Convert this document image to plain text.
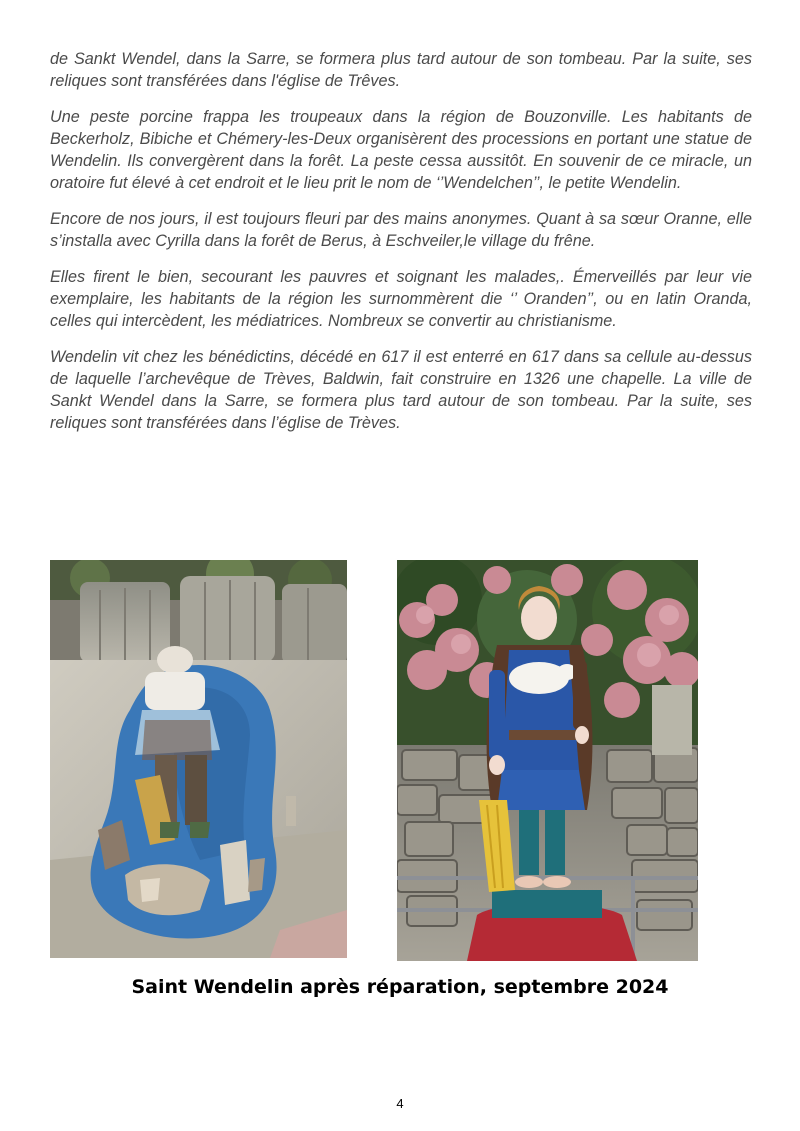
de Sankt Wendel, dans la Sarre, se formera plus tard autour de son tombeau. Par la suite, ses reliques sont transférées dans l'église de Trêves.

Une peste porcine frappa les troupeaux dans la région de Bouzonville. Les habitants de Beckerholz, Bibiche et Chémery-les-Deux organisèrent des processions en portant une statue de Wendelin. Ils convergèrent dans la forêt. La peste cessa aussitôt. En souvenir de ce miracle, un oratoire fut élevé à cet endroit et le lieu prit le nom de ‘’Wendelchen’’, le petite Wendelin.

Encore de nos jours, il est toujours fleuri par des mains anonymes. Quant à sa sœur Oranne, elle s’installa avec Cyrilla dans la forêt de Berus, à Eschveiler,le village du frêne.

Elles firent le bien, secourant les pauvres et soignant les malades,. Émerveillés par leur vie exemplaire, les habitants de la région les surnommèrent die ‘’ Oranden’’, ou en latin Oranda, celles qui intercèdent, les médiatrices. Nombreux se convertir au christianisme.

Wendelin vit chez les bénédictins, décédé en 617 il est enterré en 617 dans sa cellule au-dessus de laquelle l’archevêque de Trèves, Baldwin, fait construire en 1326 une chapelle. La ville de Sankt Wendel dans la Sarre, se formera plus tard autour de son tombeau. Par la suite, ses reliques sont transférées dans l’église de Trèves.

Saint Wendelin après réparation, septembre 2024
4
